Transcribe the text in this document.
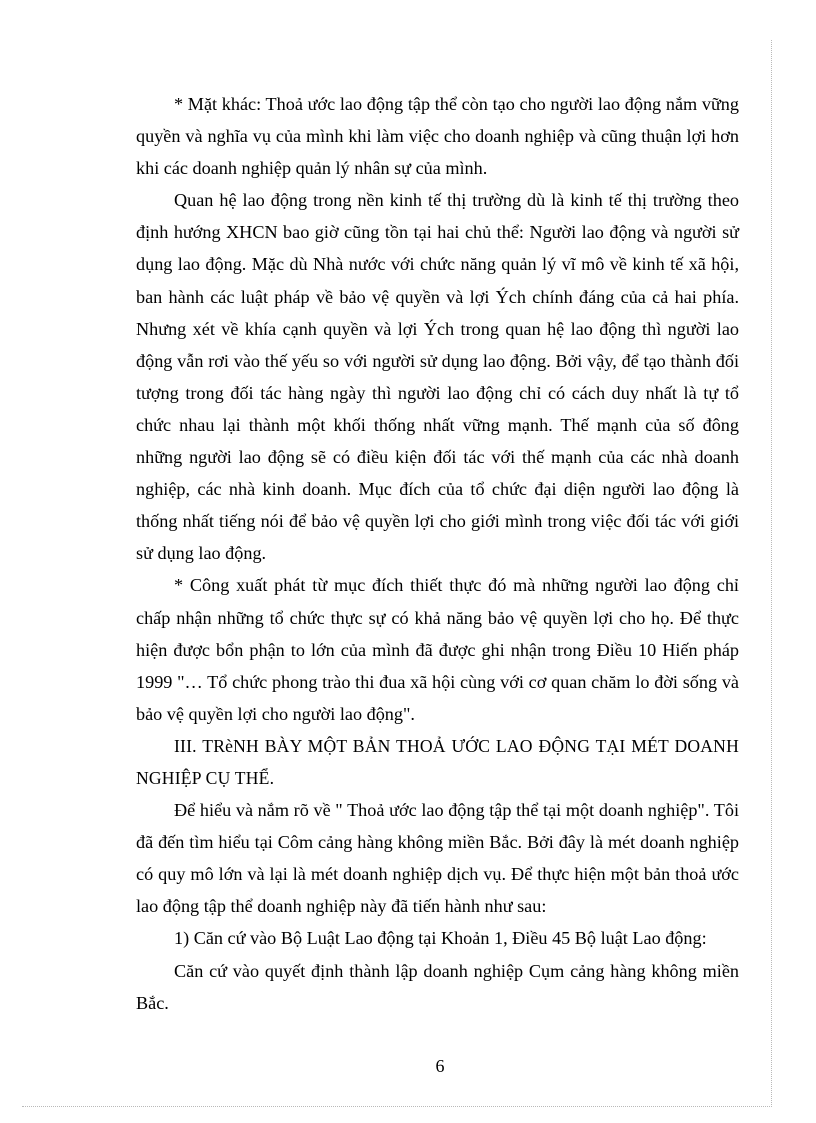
* Mặt khác: Thoả ước lao động tập thể còn tạo cho người lao động nắm vững quyền và nghĩa vụ của mình khi làm việc cho doanh nghiệp và cũng thuận lợi hơn khi các doanh nghiệp quản lý nhân sự của mình.

Quan hệ lao động trong nền kinh tế thị trường dù là kinh tế thị trường theo định hướng XHCN bao giờ cũng tồn tại hai chủ thể: Người lao động và người sử dụng lao động. Mặc dù Nhà nước với chức năng quản lý vĩ mô về kinh tế xã hội, ban hành các luật pháp về bảo vệ quyền và lợi Ých chính đáng của cả hai phía. Nhưng xét về khía cạnh quyền và lợi Ých trong quan hệ lao động thì người lao động vẫn rơi vào thế yếu so với người sử dụng lao động. Bởi vậy, để tạo thành đối tượng trong đối tác hàng ngày thì người lao động chỉ có cách duy nhất là tự tổ chức nhau lại thành một khối thống nhất vững mạnh. Thế mạnh của số đông những người lao động sẽ có điều kiện đối tác với thế mạnh của các nhà doanh nghiệp, các nhà kinh doanh. Mục đích của tổ chức đại diện người lao động là thống nhất tiếng nói để bảo vệ quyền lợi cho giới mình trong việc đối tác với giới sử dụng lao động.

* Công xuất phát từ mục đích thiết thực đó mà những người lao động chỉ chấp nhận những tổ chức thực sự có khả năng bảo vệ quyền lợi cho họ. Để thực hiện được bổn phận to lớn của mình đã được ghi nhận trong Điều 10 Hiến pháp 1999 "… Tổ chức phong trào thi đua xã hội cùng với cơ quan chăm lo đời sống và bảo vệ quyền lợi cho người lao động".

III. TRèNH BÀY MỘT BẢN THOẢ ƯỚC LAO ĐỘNG TẠI MÉT DOANH NGHIỆP CỤ THỂ.

Để hiểu và nắm rõ về " Thoả ước lao động tập thể tại một doanh nghiệp". Tôi đã đến tìm hiểu tại Côm cảng hàng không miền Bắc. Bởi đây là mét doanh nghiệp có quy mô lớn và lại là mét doanh nghiệp dịch vụ. Để thực hiện một bản thoả ước lao động tập thể doanh nghiệp này đã tiến hành như sau:

1) Căn cứ vào Bộ Luật Lao động tại Khoản 1, Điều 45 Bộ luật Lao động:

Căn cứ vào quyết định thành lập doanh nghiệp Cụm cảng hàng không miền Bắc.

6
